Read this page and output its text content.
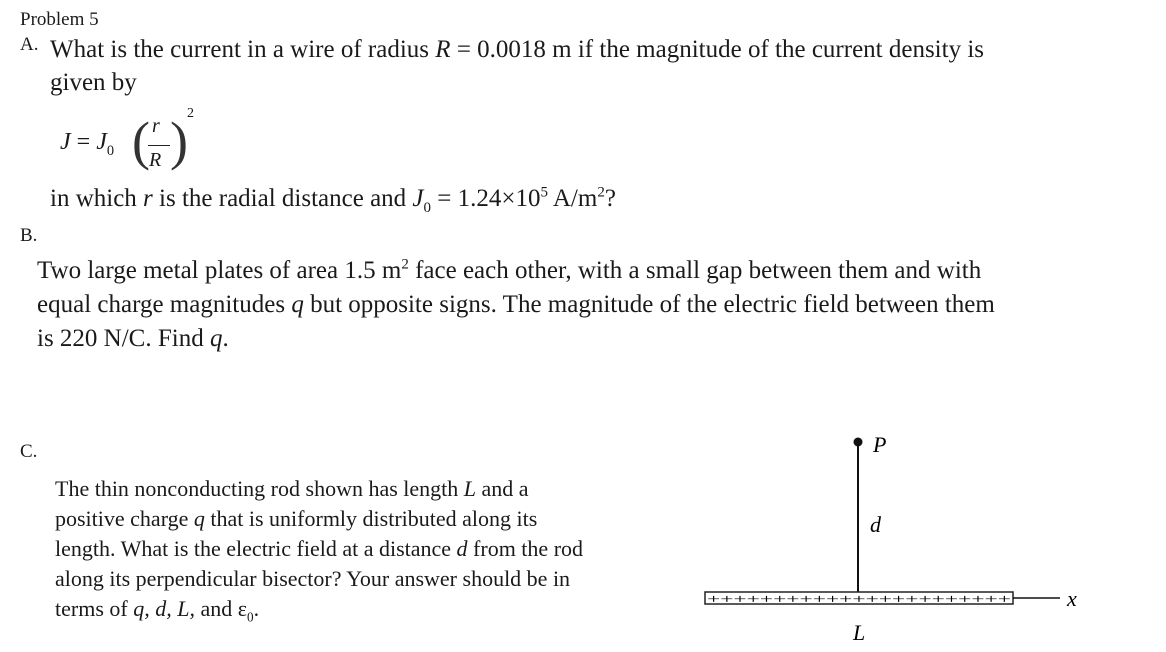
Problem 5
A. What is the current in a wire of radius R = 0.0018 m if the magnitude of the current density is
given by
$J = J_0$ ( r
R ) 2
in which r is the radial distance and $J_0 = 1.24\times 10^5$ $A/m^2$?
B.
Two large metal plates of area 1.5 $m^2$ face each other, with a small gap between them and with
equal charge magnitudes q but opposite signs. The magnitude of the electric field between them
is 220 N/C. Find q.
C.
The thin nonconducting rod shown has length L and a
positive charge q that is uniformly distributed along its
length. What is the electric field at a distance d from the rod
along its perpendicular bisector? Your answer should be in
terms of q, d, L, and $\varepsilon_0$.
P
d
+++++++++++++++++++++++	x
L
